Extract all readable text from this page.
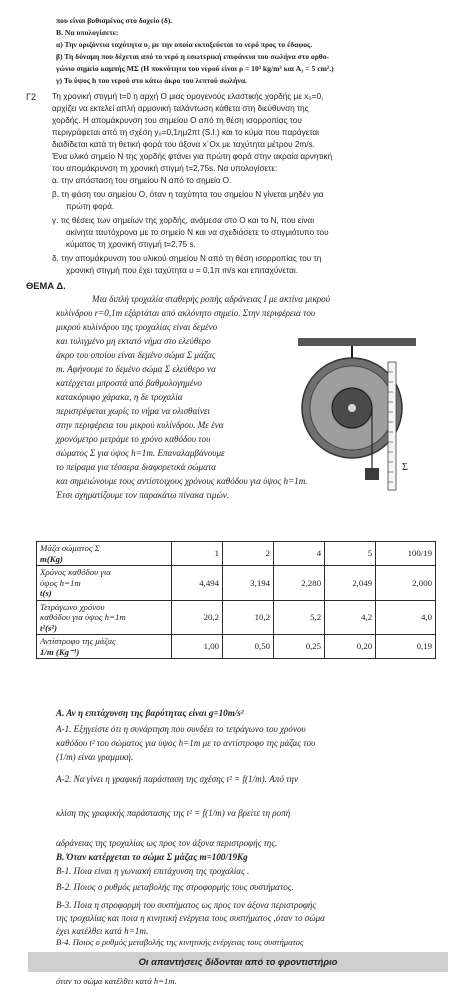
που είναι βυθισμένος στο δοχείο (δ).
Β. Να υπολογίσετε:
α) Την οριζόντια ταχύτητα υ₂ με την οποία εκτοξεύεται το νερό προς το έδαφος.
β) Τη δύναμη που δέχεται από το νερό η εσωτερική επιφάνεια του σωλήνα στο ορθο-
γώνιο σημείο καμπής ΜΣ (Η πυκνότητα του νερού είναι ρ = 10³ kg/m³ και Α₁ = 5 cm².)
γ) Το ύψος h του νερού στο κάτω άκρο του λεπτού σωλήνα.
Γ2 Τη χρονική στιγμή t=0 η αρχή Ο μιας ομογενούς ελαστικής χορδής με x₀=0,
αρχίζει να εκτελεί απλή αρμονική ταλάντωση κάθετα στη διεύθυνση της
χορδής. Η απομάκρυνση του σημείου Ο από τη θέση ισορροπίας του
περιγράφεται από τη σχέση y₀=0,1ημ2πt (S.I.) και το κύμα που παράγεται
διαδίδεται κατά τη θετική φορά του άξονα x΄Ox με ταχύτητα μέτρου 2m/s.
Ένα υλικό σημείο Ν της χορδής φτάνει για πρώτη φορά στην ακραία αρνητική
του απομάκρυνση τη χρονική στιγμή t=2,75s. Να υπολογίσετε:
α. την απόσταση του σημείου Ν από το σημείο Ο.
β. τη φάση του σημείου Ο, όταν η ταχύτητα του σημείου Ν γίνεται μηδέν για
πρώτη φορά.
γ. τις θέσεις των σημείων της χορδής, ανάμεσα στο Ο και το Ν, που είναι
ακίνητα ταυτόχρονα με το σημείο Ν και να σχεδιάσετε το στιγμιότυπο του
κύματος τη χρονική στιγμή t=2,75 s.
δ. την απομάκρυνση του υλικού σημείου Ν από τη θέση ισορροπίας του τη
χρονική στιγμή που έχει ταχύτητα υ = 0,1π m/s και επιταχύνεται.
ΘΕΜΑ Δ.
Μια διπλή τροχαλία σταθερής ροπής αδράνειας Ι με ακτίνα μικρού
κυλίνδρου r=0,1m εξάρτάται από ακλόνητο σημείο. Στην περιφέρεια του
μικρού κυλίνδρου της τροχαλίας είναι δεμένο
και τυλιγμένο μη εκτατό νήμα στο ελεύθερο
άκρο του οποίου είναι δεμένο σώμα Σ μάζας
m. Αφήνουμε το δεμένο σώμα Σ ελεύθερο να
κατέρχεται μπροστά από βαθμολογημένο
κατακόρυφο χάρακα, η δε τροχαλία
περιστρέφεται χωρίς το νήμα να ολισθαίνει
στην περιφέρεια του μικρού κυλίνδρου. Με ένα
χρονόμετρο μετράμε το χρόνο καθόδου του
σώματος Σ για ύψος h=1m. Επαναλαμβάνουμε
το πείραμα για τέσσερα διαφορετικά σώματα
και σημειώνουμε τους αντίστοιχους χρόνους καθόδου για ύψος h=1m.
Έτσι σχηματίζουμε τον παρακάτω πίνακα τιμών.
Σ
Μάζα σώματος Σ
m(Kg)	1	2	4	5	100/19

Χρόνος καθόδου για
ύψος h=1m
t(s)	4,494	3,194	2,280	2,049	2,000

Τετράγωνο χρόνου
καθόδου για ύψος h=1m
t²(s²)	20,2	10,2	5,2	4,2	4,0

Αντίστροφο της μάζας
1/m (Kg⁻¹)	1,00	0,50	0,25	0,20	0,19
Α. Αν η επιτάχυνση της βαρύτητας είναι g=10m/s²
Α-1. Εξηγείστε ότι η συνάρτηση που συνδέει το τετράγωνο του χρόνου
καθόδου t² του σώματος για ύψος h=1m με το αντίστροφο της μάζας του
(1/m) είναι γραμμική.
Α-2. Να γίνει η γραφική παράσταση της σχέσης t² = f(1/m). Από την
κλίση της γραφικής παράστασης της t² = f(1/m) να βρείτε τη ροπή
αδράνειας της τροχαλίας ως προς τον άξονα περιστροφής της.
Β. Όταν κατέρχεται το σώμα Σ μάζας m=100/19Kg
Β-1. Ποια είναι η γωνιακή επιτάχυνση της τροχαλίας .
Β-2. Ποιος ο ρυθμός μεταβολής της στροφορμής τους συστήματος.
Β-3. Ποια η στροφορμή του συστήματος ως προς τον άξονα περιστροφής
της τροχαλίας και ποια η κινητική ενέργεια τους συστήματος ,όταν το σώμα
έχει κατέλθει κατά h=1m.
Β-4. Ποιος ο ρυθμός μεταβολής της κινητικής ενέργειας τους συστήματος
όταν το σώμα κατέλθει κατά h=1m.
Οι απαντήσεις δίδονται από το φροντιστήριο
